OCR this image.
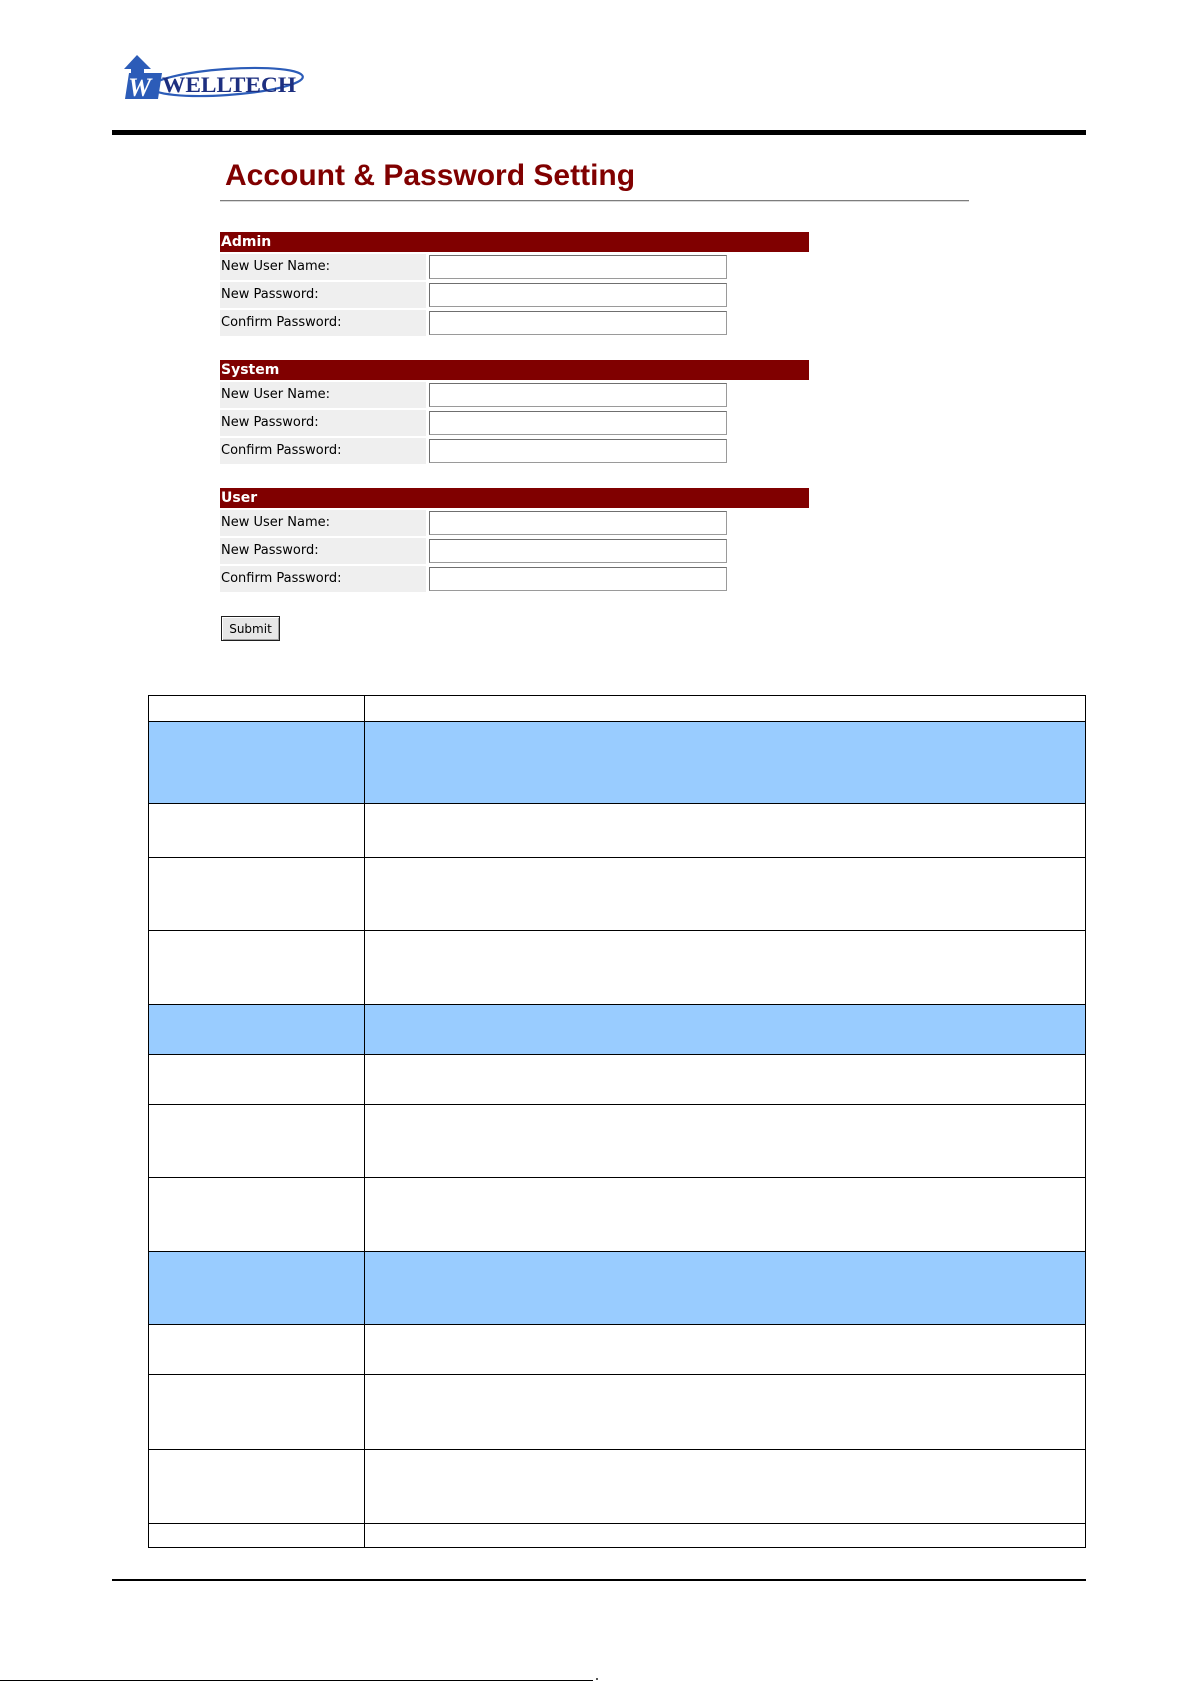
W WELLTECH
Account & Password Setting
Admin
New User Name:
New Password:
Confirm Password:
System
New User Name:
New Password:
Confirm Password:
User
New User Name:
New Password:
Confirm Password:
Submit
